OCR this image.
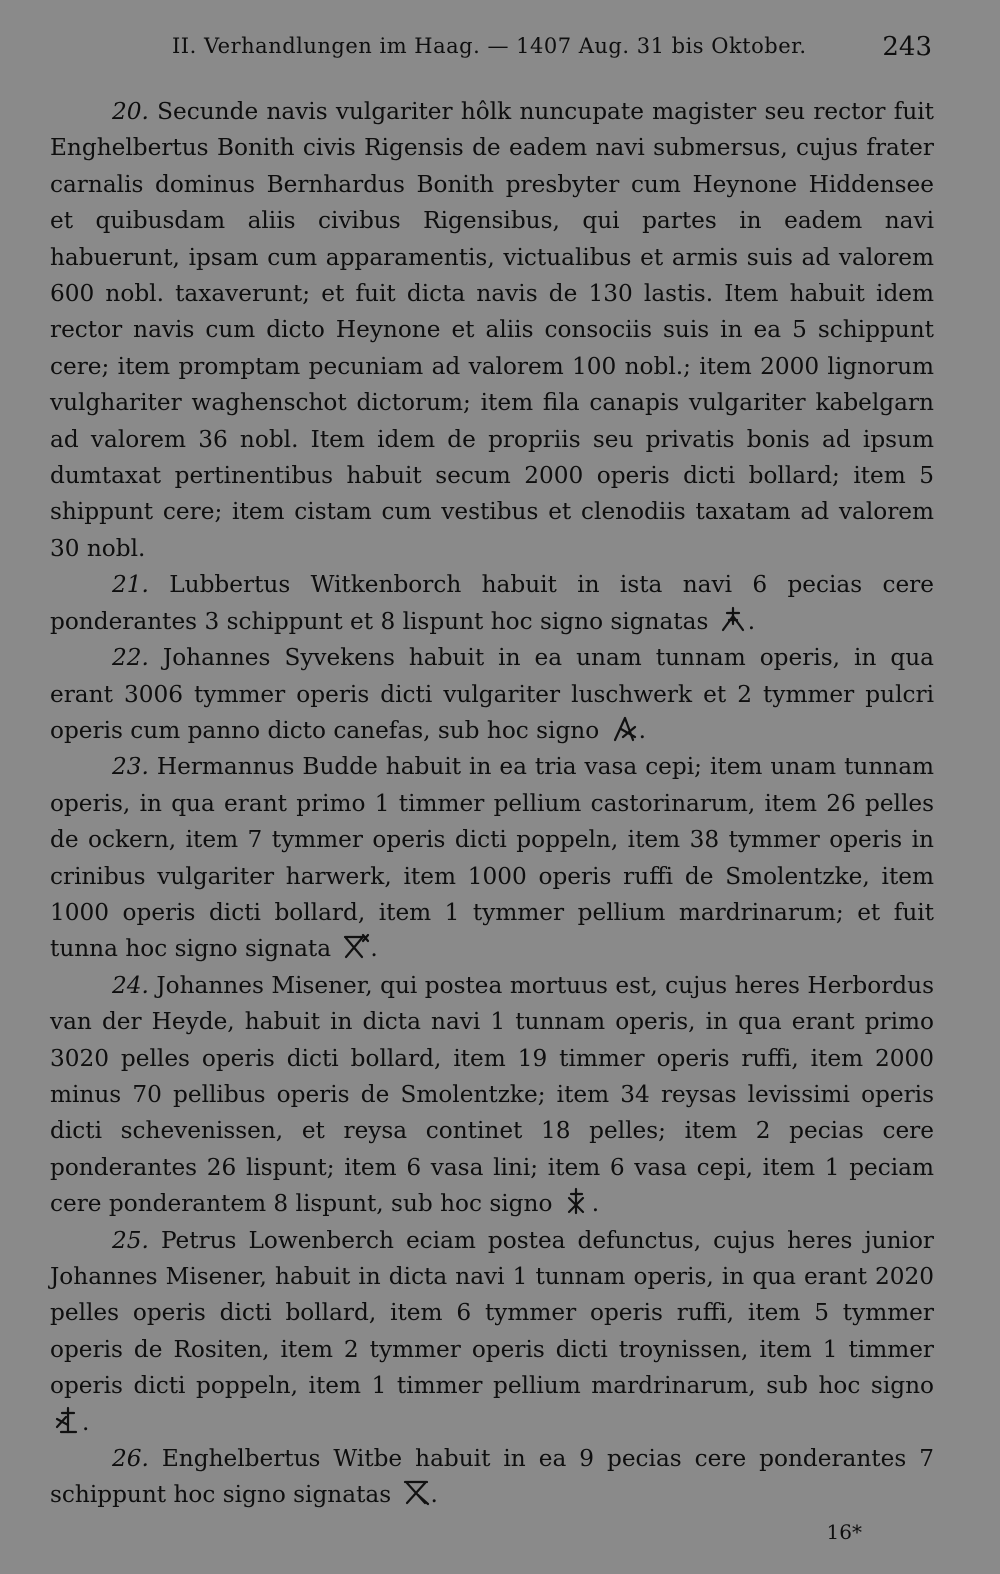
II. Verhandlungen im Haag. — 1407 Aug. 31 bis Oktober.	243

20. Secunde navis vulgariter hôlk nuncupate magister seu rector fuit Enghelbertus Bonith civis Rigensis de eadem navi submersus, cujus frater carnalis dominus Bernhardus Bonith presbyter cum Heynone Hiddensee et quibusdam aliis civibus Rigensibus, qui partes in eadem navi habuerunt, ipsam cum apparamentis, victualibus et armis suis ad valorem 600 nobl. taxaverunt; et fuit dicta navis de 130 lastis. Item habuit idem rector navis cum dicto Heynone et aliis consociis suis in ea 5 schippunt cere; item promptam pecuniam ad valorem 100 nobl.; item 2000 lignorum vulghariter waghenschot dictorum; item fila canapis vulgariter kabelgarn ad valorem 36 nobl. Item idem de propriis seu privatis bonis ad ipsum dumtaxat pertinentibus habuit secum 2000 operis dicti bollard; item 5 shippunt cere; item cistam cum vestibus et clenodiis taxatam ad valorem 30 nobl.

21. Lubbertus Witkenborch habuit in ista navi 6 pecias cere ponderantes 3 schippunt et 8 lispunt hoc signo signatas .

22. Johannes Syvekens habuit in ea unam tunnam operis, in qua erant 3006 tymmer operis dicti vulgariter luschwerk et 2 tymmer pulcri operis cum panno dicto canefas, sub hoc signo .

23. Hermannus Budde habuit in ea tria vasa cepi; item unam tunnam operis, in qua erant primo 1 timmer pellium castorinarum, item 26 pelles de ockern, item 7 tymmer operis dicti poppeln, item 38 tymmer operis in crinibus vulgariter harwerk, item 1000 operis ruffi de Smolentzke, item 1000 operis dicti bollard, item 1 tymmer pellium mardrinarum; et fuit tunna hoc signo signata .

24. Johannes Misener, qui postea mortuus est, cujus heres Herbordus van der Heyde, habuit in dicta navi 1 tunnam operis, in qua erant primo 3020 pelles operis dicti bollard, item 19 timmer operis ruffi, item 2000 minus 70 pellibus operis de Smolentzke; item 34 reysas levissimi operis dicti schevenissen, et reysa continet 18 pelles; item 2 pecias cere ponderantes 26 lispunt; item 6 vasa lini; item 6 vasa cepi, item 1 peciam cere ponderantem 8 lispunt, sub hoc signo .

25. Petrus Lowenberch eciam postea defunctus, cujus heres junior Johannes Misener, habuit in dicta navi 1 tunnam operis, in qua erant 2020 pelles operis dicti bollard, item 6 tymmer operis ruffi, item 5 tymmer operis de Rositen, item 2 tymmer operis dicti troynissen, item 1 timmer operis dicti poppeln, item 1 timmer pellium mardrinarum, sub hoc signo
.

26. Enghelbertus Witbe habuit in ea 9 pecias cere ponderantes 7 schippunt hoc signo signatas .

16*
